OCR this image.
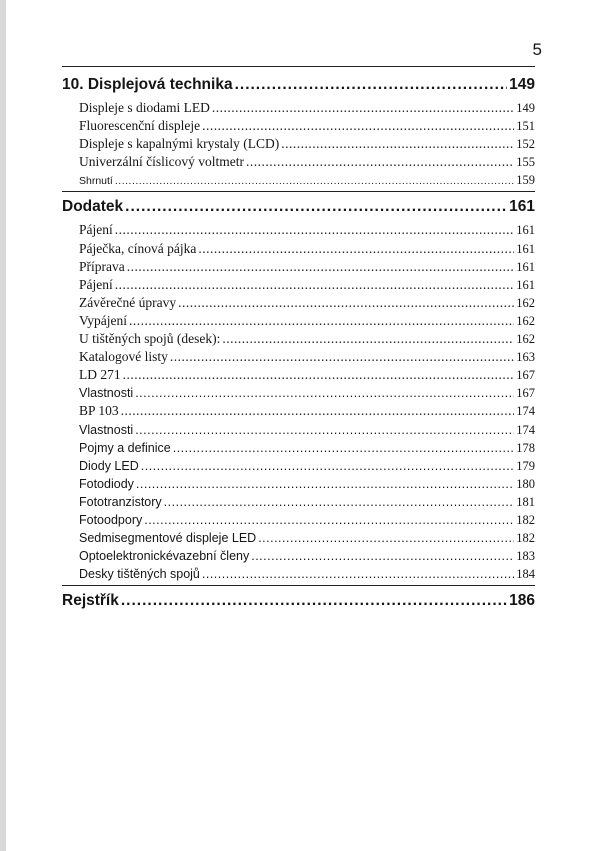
5
10. Displejová technika .....	149
Displeje s diodami LED .....	149
Fluorescenční displeje .....	151
Displeje s kapalnými krystaly (LCD) .....	152
Univerzální číslicový voltmetr .....	155
Shrnutí .....	159
Dodatek .....	161
Pájení .....	161
Páječka, cínová pájka .....	161
Příprava .....	161
Pájení .....	161
Závěrečné úpravy .....	162
Vypájení .....	162
U tištěných spojů (desek): .....	162
Katalogové listy .....	163
LD 271 .....	167
Vlastnosti .....	167
BP 103 .....	174
Vlastnosti .....	174
Pojmy a definice .....	178
Diody LED .....	179
Fotodiody .....	180
Fototranzistory .....	181
Fotoodpory .....	182
Sedmisegmentové displeje LED .....	182
Optoelektronickévazební členy .....	183
Desky tištěných spojů .....	184
Rejstřík .....	186
